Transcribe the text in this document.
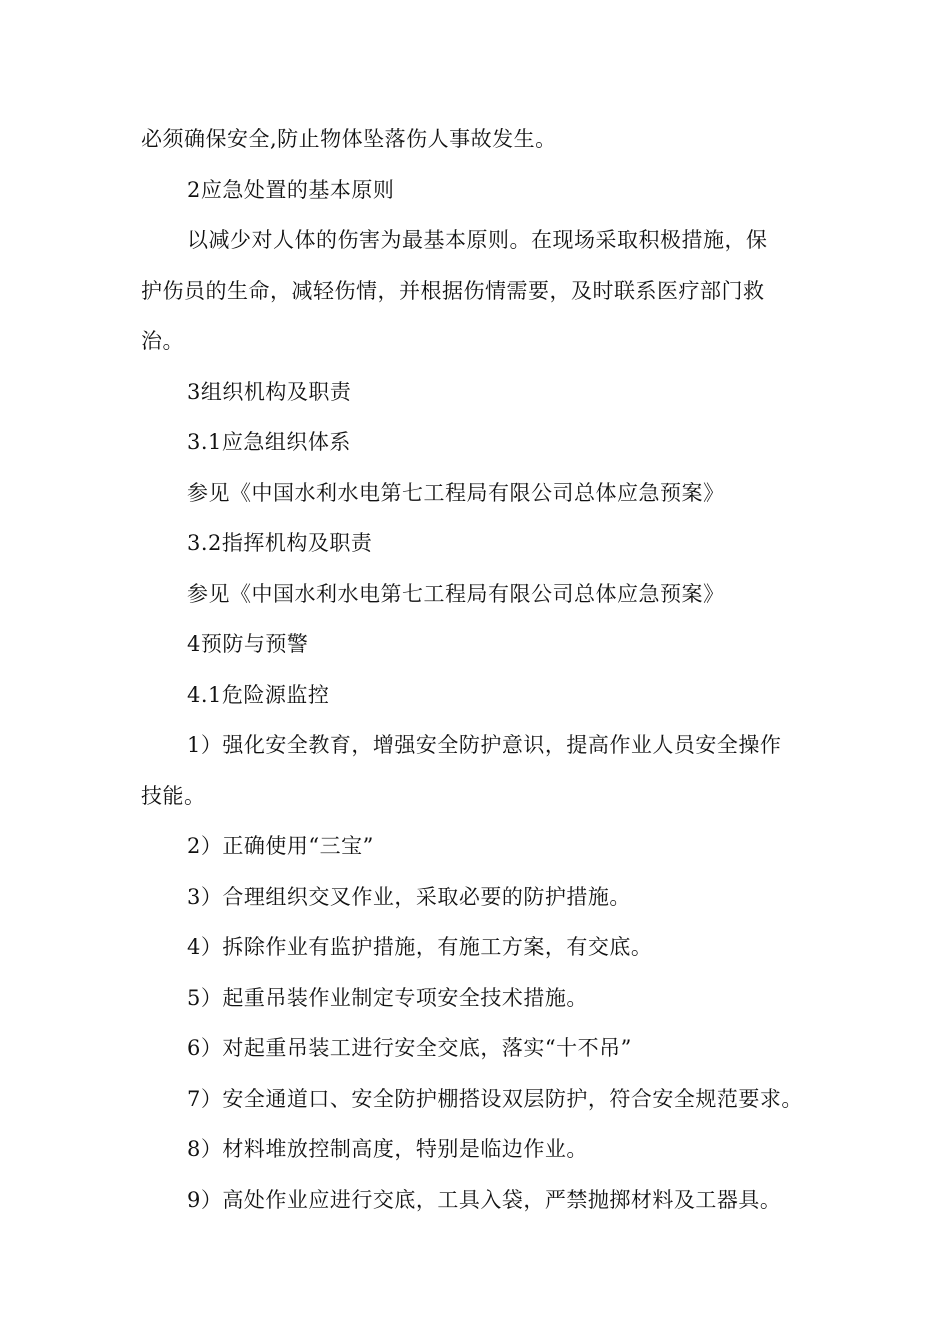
必须确保安全,防止物体坠落伤人事故发生。
2应急处置的基本原则
以减少对人体的伤害为最基本原则。在现场采取积极措施，保
护伤员的生命，减轻伤情，并根据伤情需要，及时联系医疗部门救
治。
3组织机构及职责
3.1应急组织体系
参见《中国水利水电第七工程局有限公司总体应急预案》
3.2指挥机构及职责
参见《中国水利水电第七工程局有限公司总体应急预案》
4预防与预警
4.1危险源监控
1）强化安全教育，增强安全防护意识，提高作业人员安全操作
技能。
2）正确使用“三宝”
3）合理组织交叉作业，采取必要的防护措施。
4）拆除作业有监护措施，有施工方案，有交底。
5）起重吊装作业制定专项安全技术措施。
6）对起重吊装工进行安全交底，落实“十不吊”
7）安全通道口、安全防护棚搭设双层防护，符合安全规范要求。
8）材料堆放控制高度，特别是临边作业。
9）高处作业应进行交底，工具入袋，严禁抛掷材料及工器具。
